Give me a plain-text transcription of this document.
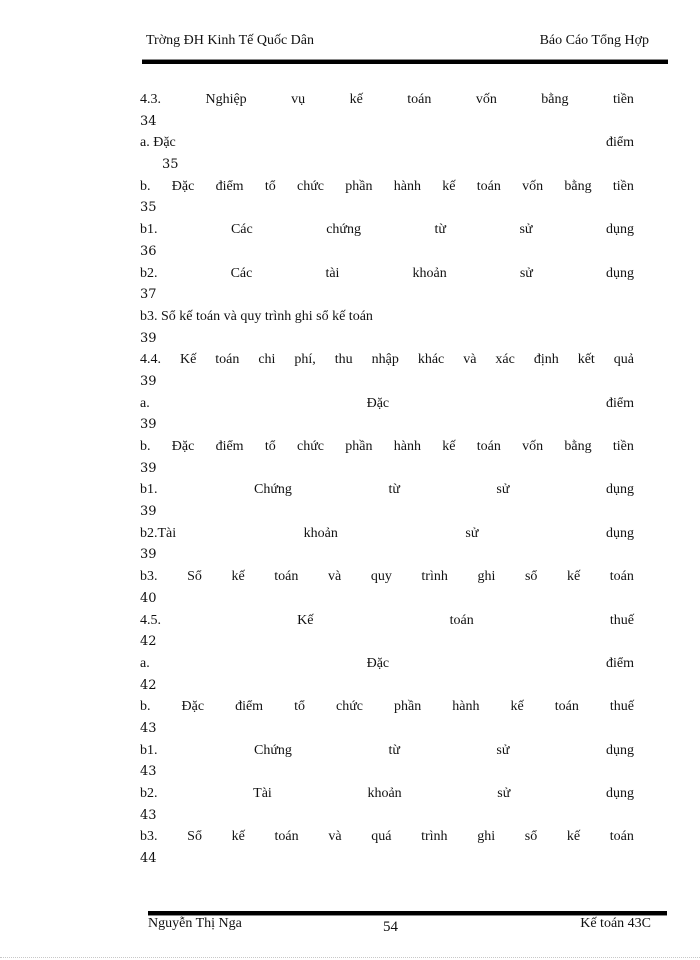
Trờng ĐH Kinh Tế Quốc Dân	Báo Cáo Tổng Hợp
4.3.	Nghiệp	vụ	kế	toán	vốn	bằng	tiền
34
a. Đặc	điểm
35
b. Đặc điểm tổ chức phần hành kế toán vốn bằng tiền
35
b1.	Các	chứng	từ	sử	dụng
36
b2.	Các	tài	khoản	sử	dụng
37
b3. Sổ kế toán và quy trình ghi sổ kế toán
39
4.4. Kế toán chi phí, thu nhập khác và xác định kết quả
39
a.	Đặc	điểm
39
b. Đặc điểm tổ chức phần hành kế toán vốn bằng tiền
39
b1.	Chứng	từ	sử	dụng
39
b2.Tài	khoản	sử	dụng
39
b3. Sổ kế toán và quy trình ghi sổ kế toán
40
4.5.	Kế	toán	thuế
42
a.	Đặc	điểm
42
b. Đặc điểm tổ chức phần hành kế toán thuế
43
b1.	Chứng	từ	sử	dụng
43
b2.	Tài	khoản	sử	dụng
43
b3. Sổ kế toán và quá trình ghi sổ kế toán
44
Nguyễn Thị Nga	54	Kế toán 43C
